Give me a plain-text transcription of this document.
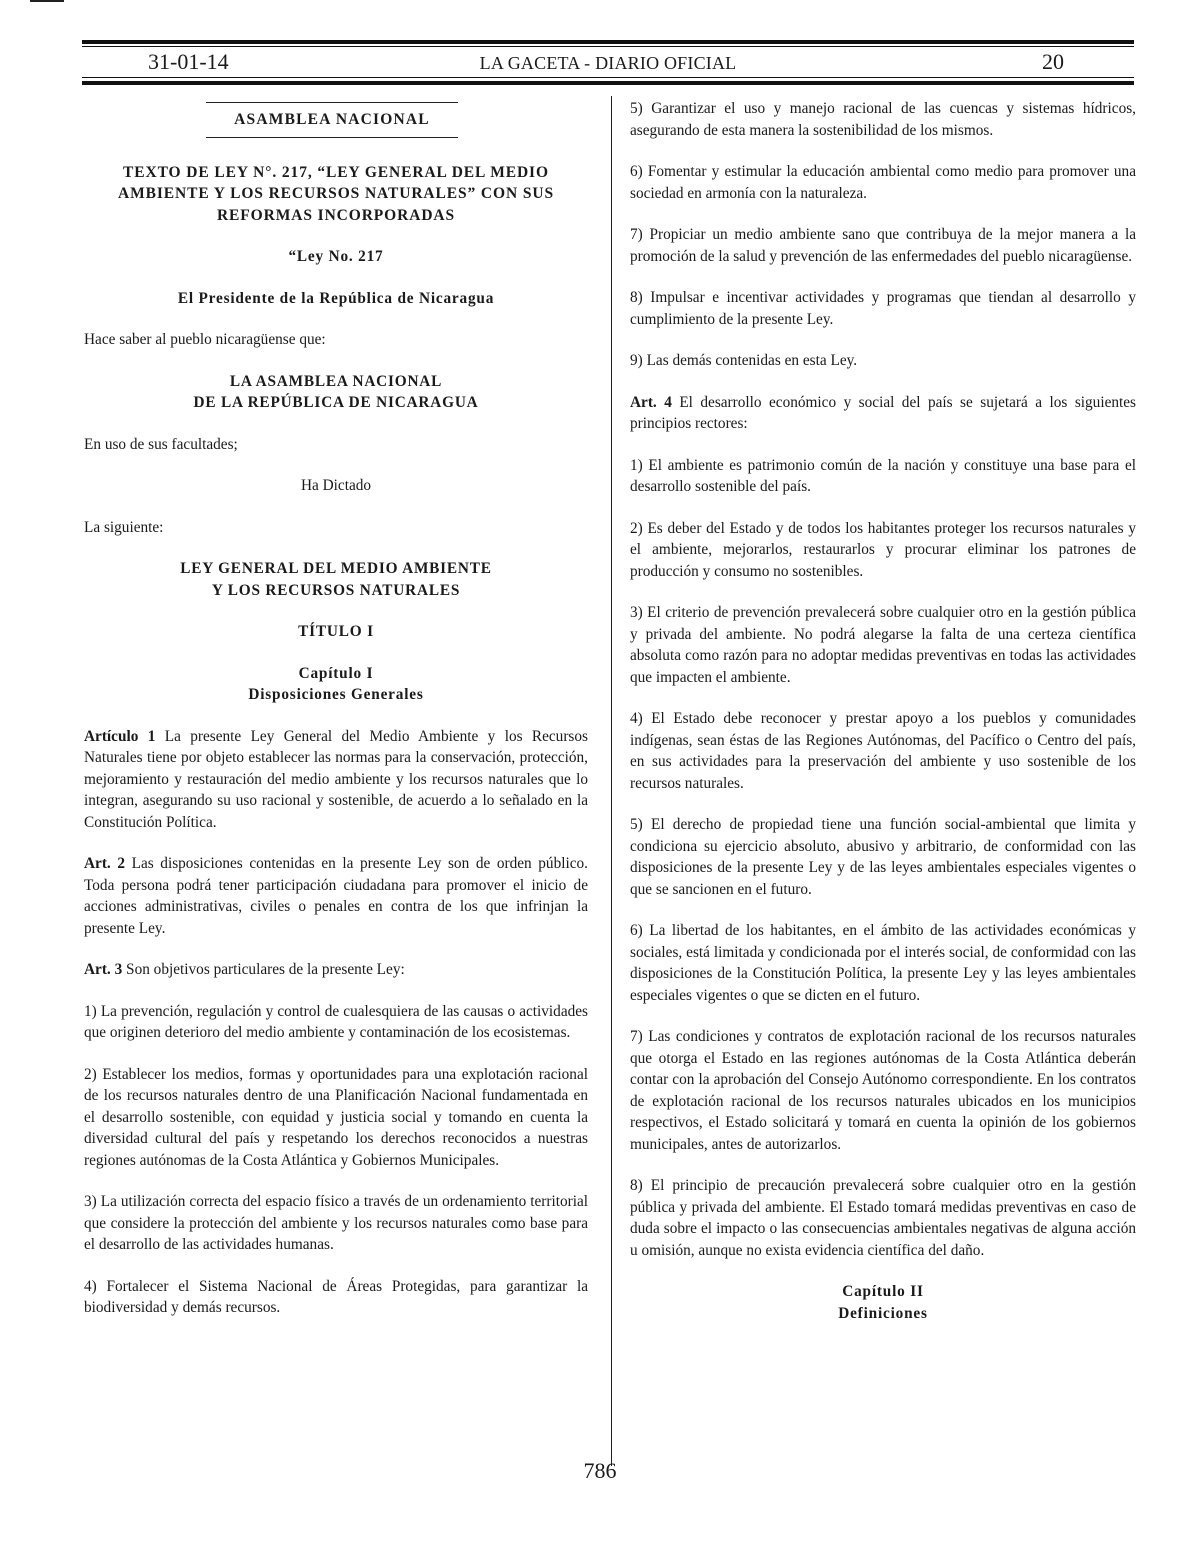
31-01-14	LA GACETA - DIARIO OFICIAL	20
ASAMBLEA NACIONAL
TEXTO DE LEY N°. 217, “LEY GENERAL DEL MEDIO
AMBIENTE Y LOS RECURSOS NATURALES” CON SUS
REFORMAS INCORPORADAS

“Ley No. 217

El Presidente de la República de Nicaragua

Hace saber al pueblo nicaragüense que:

LA ASAMBLEA NACIONAL
DE LA REPÚBLICA DE NICARAGUA

En uso de sus facultades;

Ha Dictado

La siguiente:

LEY GENERAL DEL MEDIO AMBIENTE
Y LOS RECURSOS NATURALES

TÍTULO I

Capítulo I
Disposiciones Generales

Artículo 1 La presente Ley General del Medio Ambiente y los Recursos Naturales tiene por objeto establecer las normas para la conservación, protección, mejoramiento y restauración del medio ambiente y los recursos naturales que lo integran, asegurando su uso racional y sostenible, de acuerdo a lo señalado en la Constitución Política.

Art. 2 Las disposiciones contenidas en la presente Ley son de orden público. Toda persona podrá tener participación ciudadana para promover el inicio de acciones administrativas, civiles o penales en contra de los que infrinjan la presente Ley.

Art. 3 Son objetivos particulares de la presente Ley:

1) La prevención, regulación y control de cualesquiera de las causas o actividades que originen deterioro del medio ambiente y contaminación de los ecosistemas.

2) Establecer los medios, formas y oportunidades para una explotación racional de los recursos naturales dentro de una Planificación Nacional fundamentada en el desarrollo sostenible, con equidad y justicia social y tomando en cuenta la diversidad cultural del país y respetando los derechos reconocidos a nuestras regiones autónomas de la Costa Atlántica y Gobiernos Municipales.

3) La utilización correcta del espacio físico a través de un ordenamiento territorial que considere la protección del ambiente y los recursos naturales como base para el desarrollo de las actividades humanas.

4) Fortalecer el Sistema Nacional de Áreas Protegidas, para garantizar la biodiversidad y demás recursos.

5) Garantizar el uso y manejo racional de las cuencas y sistemas hídricos, asegurando de esta manera la sostenibilidad de los mismos.

6) Fomentar y estimular la educación ambiental como medio para promover una sociedad en armonía con la naturaleza.

7) Propiciar un medio ambiente sano que contribuya de la mejor manera a la promoción de la salud y prevención de las enfermedades del pueblo nicaragüense.

8) Impulsar e incentivar actividades y programas que tiendan al desarrollo y cumplimiento de la presente Ley.

9) Las demás contenidas en esta Ley.

Art. 4 El desarrollo económico y social del país se sujetará a los siguientes principios rectores:

1) El ambiente es patrimonio común de la nación y constituye una base para el desarrollo sostenible del país.

2) Es deber del Estado y de todos los habitantes proteger los recursos naturales y el ambiente, mejorarlos, restaurarlos y procurar eliminar los patrones de producción y consumo no sostenibles.

3) El criterio de prevención prevalecerá sobre cualquier otro en la gestión pública y privada del ambiente. No podrá alegarse la falta de una certeza científica absoluta como razón para no adoptar medidas preventivas en todas las actividades que impacten el ambiente.

4) El Estado debe reconocer y prestar apoyo a los pueblos y comunidades indígenas, sean éstas de las Regiones Autónomas, del Pacífico o Centro del país, en sus actividades para la preservación del ambiente y uso sostenible de los recursos naturales.

5) El derecho de propiedad tiene una función social-ambiental que limita y condiciona su ejercicio absoluto, abusivo y arbitrario, de conformidad con las disposiciones de la presente Ley y de las leyes ambientales especiales vigentes o que se sancionen en el futuro.

6) La libertad de los habitantes, en el ámbito de las actividades económicas y sociales, está limitada y condicionada por el interés social, de conformidad con las disposiciones de la Constitución Política, la presente Ley y las leyes ambientales especiales vigentes o que se dicten en el futuro.

7) Las condiciones y contratos de explotación racional de los recursos naturales que otorga el Estado en las regiones autónomas de la Costa Atlántica deberán contar con la aprobación del Consejo Autónomo correspondiente. En los contratos de explotación racional de los recursos naturales ubicados en los municipios respectivos, el Estado solicitará y tomará en cuenta la opinión de los gobiernos municipales, antes de autorizarlos.

8) El principio de precaución prevalecerá sobre cualquier otro en la gestión pública y privada del ambiente. El Estado tomará medidas preventivas en caso de duda sobre el impacto o las consecuencias ambientales negativas de alguna acción u omisión, aunque no exista evidencia científica del daño.

Capítulo II
Definiciones
786
